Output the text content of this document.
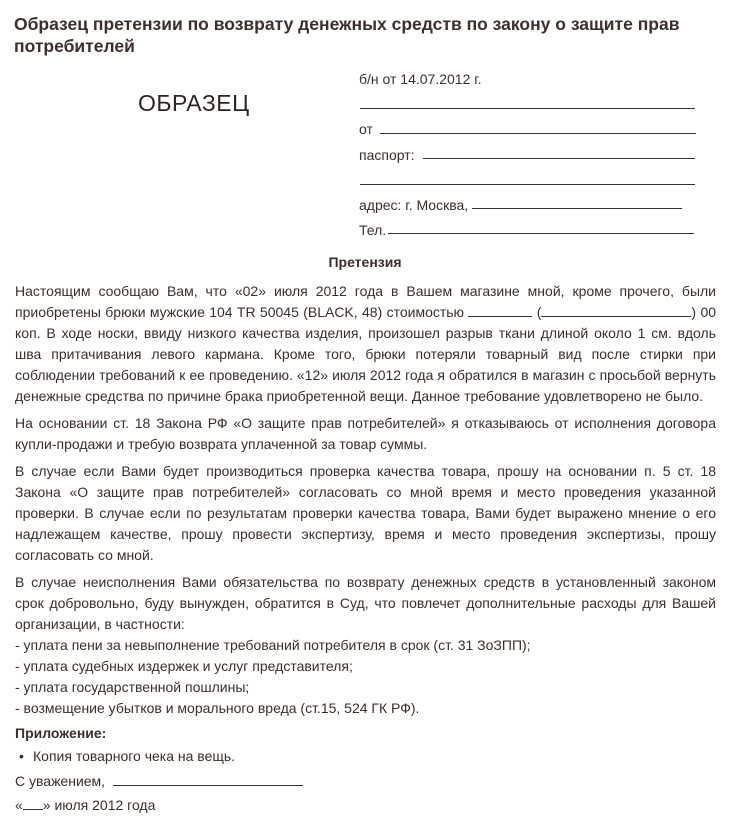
Образец претензии по возврату денежных средств по закону о защите прав потребителей
ОБРАЗЕЦ
б/н от 14.07.2012 г.
от
паспорт:
адрес: г. Москва,
Тел.
Претензия

Настоящим сообщаю Вам, что «02» июля 2012 года в Вашем магазине мной, кроме прочего, были приобретены брюки мужские 104 TR 50045 (BLACK, 48) стоимостью	(	) 00 коп. В ходе носки, ввиду низкого качества изделия, произошел разрыв ткани длиной около 1 см. вдоль шва притачивания левого кармана. Кроме того, брюки потеряли товарный вид после стирки при соблюдении требований к ее проведению. «12» июля 2012 года я обратился в магазин с просьбой вернуть денежные средства по причине брака приобретенной вещи. Данное требование удовлетворено не было.

На основании ст. 18 Закона РФ «О защите прав потребителей» я отказываюсь от исполнения договора купли-продажи и требую возврата уплаченной за товар суммы.

В случае если Вами будет производиться проверка качества товара, прошу на основании п. 5 ст. 18 Закона «О защите прав потребителей» согласовать со мной время и место проведения указанной проверки. В случае если по результатам проверки качества товара, Вами будет выражено мнение о его надлежащем качестве, прошу провести экспертизу, время и место проведения экспертизы, прошу согласовать со мной.

В случае неисполнения Вами обязательства по возврату денежных средств в установленный законом срок добровольно, буду вынужден, обратится в Суд, что повлечет дополнительные расходы для Вашей организации, в частности:

- уплата пени за невыполнение требований потребителя в срок (ст. 31 ЗоЗПП);
- уплата судебных издержек и услуг представителя;
- уплата государственной пошлины;
- возмещение убытков и морального вреда (ст.15, 524 ГК РФ).
Приложение:
• Копия товарного чека на вещь.
С уважением,
« » июля 2012 года
